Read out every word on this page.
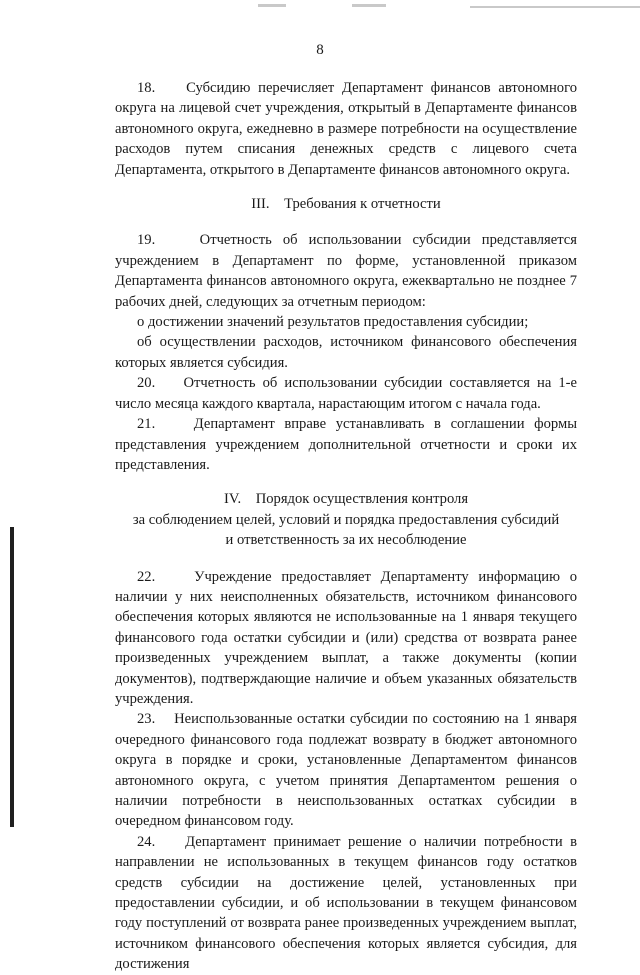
8

18.    Субсидию перечисляет Департамент финансов автономного округа на лицевой счет учреждения, открытый в Департаменте финансов автономного округа, ежедневно в размере потребности на осуществление расходов путем списания денежных средств с лицевого счета Департамента, открытого в Департаменте финансов автономного округа.

III.    Требования к отчетности

19.    Отчетность об использовании субсидии представляется учреждением в Департамент по форме, установленной приказом Департамента финансов автономного округа, ежеквартально не позднее 7 рабочих дней, следующих за отчетным периодом:

о достижении значений результатов предоставления субсидии;

об осуществлении расходов, источником финансового обеспечения которых является субсидия.

20.    Отчетность об использовании субсидии составляется на 1-е число месяца каждого квартала, нарастающим итогом с начала года.

21.    Департамент вправе устанавливать в соглашении формы представления учреждением дополнительной отчетности и сроки их представления.

IV.    Порядок осуществления контроля

за соблюдением целей, условий и порядка предоставления субсидий

и ответственность за их несоблюдение

22.    Учреждение предоставляет Департаменту информацию о наличии у них неисполненных обязательств, источником финансового обеспечения которых являются не использованные на 1 января текущего финансового года остатки субсидии и (или) средства от возврата ранее произведенных учреждением выплат, а также документы (копии документов), подтверждающие наличие и объем указанных обязательств учреждения.

23.    Неиспользованные остатки субсидии по состоянию на 1 января очередного финансового года подлежат возврату в бюджет автономного округа в порядке и сроки, установленные Департаментом финансов автономного округа, с учетом принятия Департаментом решения о наличии потребности в неиспользованных остатках субсидии в очередном финансовом году.

24.    Департамент принимает решение о наличии потребности в направлении не использованных в текущем финансов году остатков средств субсидии на достижение целей, установленных при предоставлении субсидии, и об использовании в текущем финансовом году поступлений от возврата ранее произведенных учреждением выплат, источником финансового обеспечения которых является субсидия, для достижения
